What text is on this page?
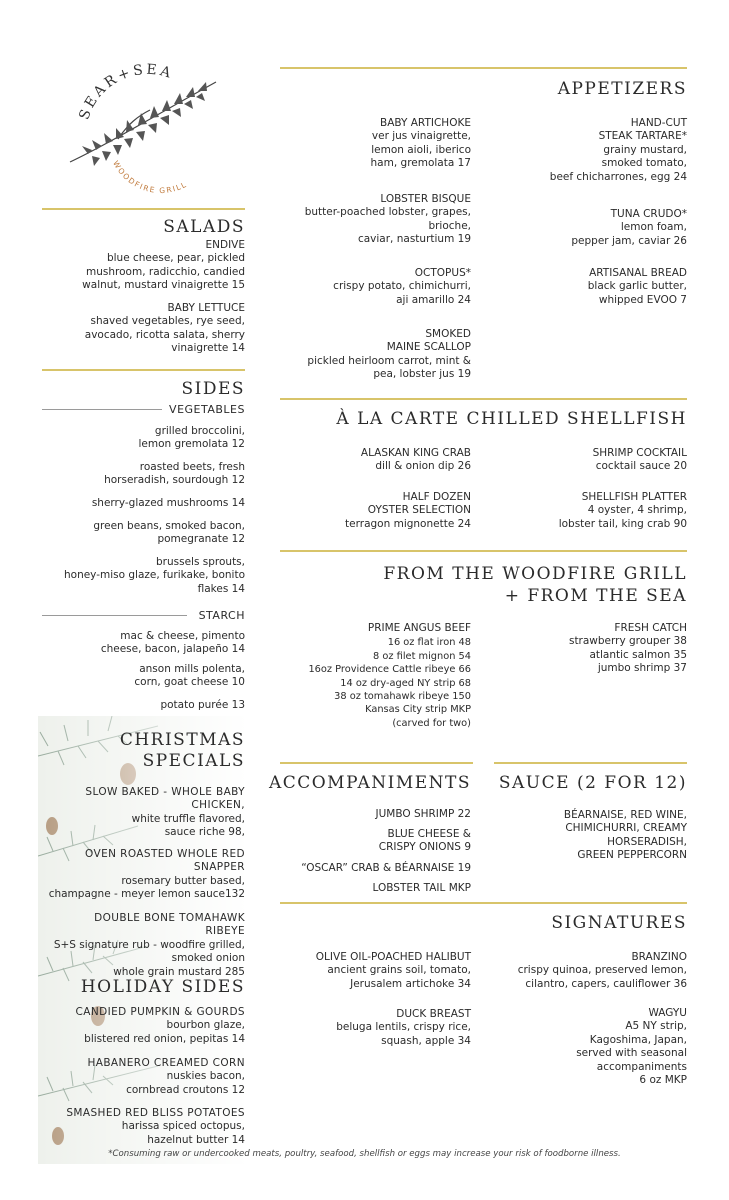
SEAR+SEA
WOODFIRE GRILL
SALADS
ENDIVE
blue cheese, pear, pickled
mushroom, radicchio, candied
walnut, mustard vinaigrette 15
BABY LETTUCE
shaved vegetables, rye seed,
avocado, ricotta salata, sherry
vinaigrette 14
SIDES
VEGETABLES
grilled broccolini,
lemon gremolata 12
roasted beets, fresh
horseradish, sourdough 12
sherry-glazed mushrooms 14
green beans, smoked bacon,
pomegranate 12
brussels sprouts,
honey-miso glaze, furikake, bonito
flakes 14
STARCH
mac & cheese, pimento
cheese, bacon, jalapeño 14
anson mills polenta,
corn, goat cheese 10
potato purée 13
CHRISTMAS
SPECIALS
SLOW BAKED - WHOLE BABY
CHICKEN,
white truffle flavored,
sauce riche 98,
OVEN ROASTED WHOLE RED
SNAPPER
rosemary butter based,
champagne - meyer lemon sauce132
DOUBLE BONE TOMAHAWK
RIBEYE
S+S signature rub - woodfire grilled,
smoked onion
whole grain mustard 285
HOLIDAY SIDES
CANDIED PUMPKIN & GOURDS
bourbon glaze,
blistered red onion, pepitas 14
HABANERO CREAMED CORN
nuskies bacon,
cornbread croutons 12
SMASHED RED BLISS POTATOES
harissa spiced octopus,
hazelnut butter 14
APPETIZERS
BABY ARTICHOKE
ver jus vinaigrette,
lemon aioli, iberico
ham, gremolata 17
LOBSTER BISQUE
butter-poached lobster, grapes,
brioche,
caviar, nasturtium 19
OCTOPUS*
crispy potato, chimichurri,
aji amarillo 24
SMOKED
MAINE SCALLOP
pickled heirloom carrot, mint &
pea, lobster jus 19
HAND-CUT
STEAK TARTARE*
grainy mustard,
smoked tomato,
beef chicharrones, egg 24
TUNA CRUDO*
lemon foam,
pepper jam, caviar 26
ARTISANAL BREAD
black garlic butter,
whipped EVOO 7
À LA CARTE CHILLED SHELLFISH
ALASKAN KING CRAB
dill & onion dip 26
HALF DOZEN
OYSTER SELECTION
terragon mignonette 24
SHRIMP COCKTAIL
cocktail sauce 20
SHELLFISH PLATTER
4 oyster, 4 shrimp,
lobster tail, king crab 90
FROM THE WOODFIRE GRILL
+ FROM THE SEA
PRIME ANGUS BEEF
16 oz flat iron 48
8 oz filet mignon 54
16oz Providence Cattle ribeye 66
14 oz dry-aged NY strip 68
38 oz tomahawk ribeye 150
Kansas City strip MKP
(carved for two)
FRESH CATCH
strawberry grouper 38
atlantic salmon 35
jumbo shrimp 37
ACCOMPANIMENTS SAUCE (2 FOR 12)
JUMBO SHRIMP 22
BLUE CHEESE &
CRISPY ONIONS 9
“OSCAR” CRAB & BÉARNAISE 19
LOBSTER TAIL MKP
BÉARNAISE, RED WINE,
CHIMICHURRI, CREAMY
HORSERADISH,
GREEN PEPPERCORN
SIGNATURES
OLIVE OIL-POACHED HALIBUT
ancient grains soil, tomato,
Jerusalem artichoke 34
DUCK BREAST
beluga lentils, crispy rice,
squash, apple 34
BRANZINO
crispy quinoa, preserved lemon,
cilantro, capers, cauliflower 36
WAGYU
A5 NY strip,
Kagoshima, Japan,
served with seasonal
accompaniments
6 oz MKP
*Consuming raw or undercooked meats, poultry, seafood, shellfish or eggs may increase your risk of foodborne illness.
